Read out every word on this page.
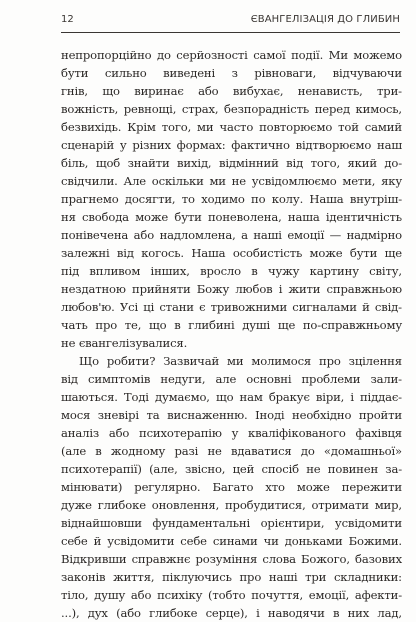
12	ЄВАНГЕЛІЗАЦІЯ ДО ГЛИБИН
непропорційно до серйозності самої події. Ми можемо
бути сильно виведені з рівноваги, відчуваючи
гнів, що виринає або вибухає, ненависть, три-
вожність, ревнощі, страх, безпорадність перед кимось,
безвихідь. Крім того, ми часто повторюємо той самий
сценарій у різних формах: фактично відтворюємо наш
біль, щоб знайти вихід, відмінний від того, який до-
свідчили. Але оскільки ми не усвідомлюємо мети, яку
прагнемо досягти, то ходимо по колу. Наша внутріш-
ня свобода може бути поневолена, наша ідентичність
понівечена або надломлена, а наші емоції — надмірно
залежні від когось. Наша особистість може бути ще
під впливом інших, вросло в чужу картину світу,
нездатною прийняти Божу любов і жити справжньою
любов'ю. Усі ці стани є тривожними сигналами й свід-
чать про те, що в глибині душі ще по-справжньому
не євангелізувалися.
Що робити? Зазвичай ми молимося про зцілення
від симптомів недуги, але основні проблеми зали-
шаються. Тоді думаємо, що нам бракує віри, і піддає-
мося зневірі та виснаженню. Іноді необхідно пройти
аналіз або психотерапію у кваліфікованого фахівця
(але в жодному разі не вдаватися до «домашньої»
психотерапії) (але, звісно, цей спосіб не повинен за-
мінювати) регулярно. Багато хто може пережити
дуже глибоке оновлення, пробудитися, отримати мир,
віднайшовши фундаментальні орієнтири, усвідомити
себе й усвідомити себе синами чи доньками Божими.
Відкривши справжнє розуміння слова Божого, базових
законів життя, піклуючись про наші три складники:
тіло, душу або психіку (тобто почуття, емоції, афекти-
...), дух (або глибоке серце), і наводячи в них лад,
